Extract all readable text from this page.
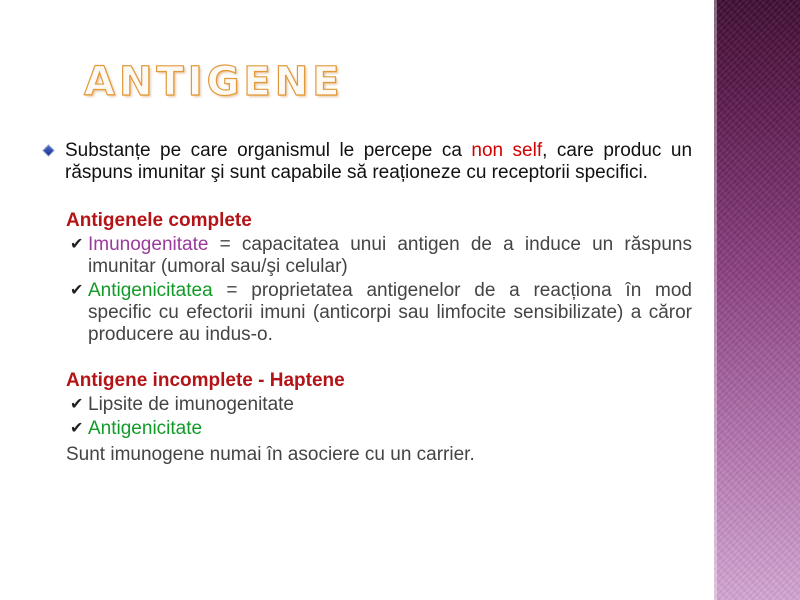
ANTIGENE
Substanțe pe care organismul le percepe ca non self, care produc un răspuns imunitar şi sunt capabile să reaționeze cu receptorii specifici.
Antigenele complete
✔ Imunogenitate = capacitatea unui antigen de a induce un răspuns imunitar (umoral sau/şi celular)
✔ Antigenicitatea = proprietatea antigenelor de a reacționa în mod specific cu efectorii imuni (anticorpi sau limfocite sensibilizate) a căror producere au indus-o.
Antigene incomplete - Haptene
✔ Lipsite de imunogenitate
✔ Antigenicitate
Sunt imunogene numai în asociere cu un carrier.
